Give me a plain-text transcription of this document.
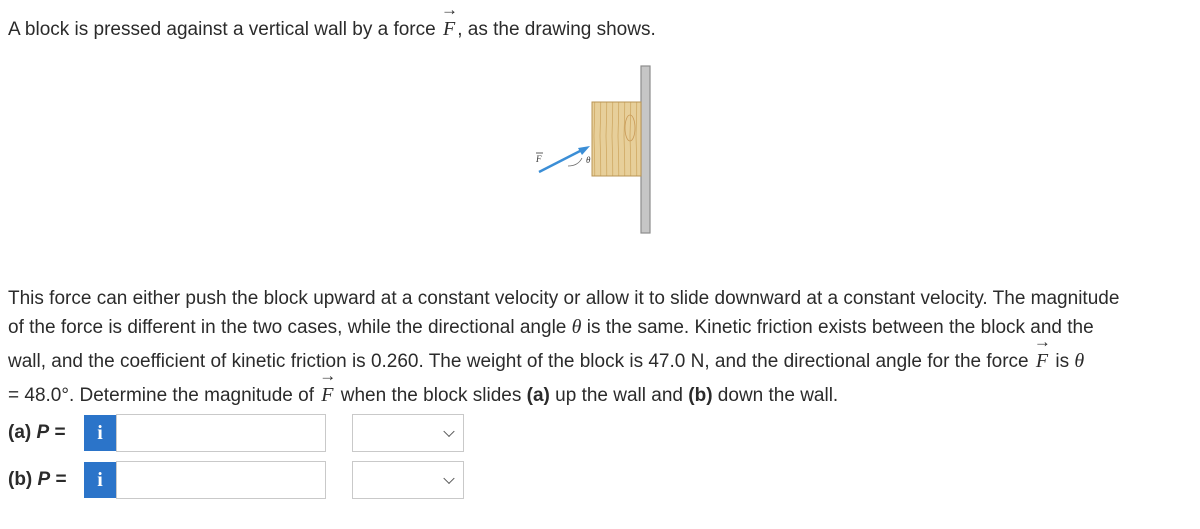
A block is pressed against a vertical wall by a force → F , as the drawing shows.
F	θ
This force can either push the block upward at a constant velocity or allow it to slide downward at a constant velocity. The magnitude
of the force is different in the two cases, while the directional angle θ is the same. Kinetic friction exists between the block and the
wall, and the coefficient of kinetic friction is 0.260. The weight of the block is 47.0 N, and the directional angle for the force → F is θ
= 48.0°. Determine the magnitude of → F when the block slides (a) up the wall and (b) down the wall.
(a) P =	i
(b) P =	i
